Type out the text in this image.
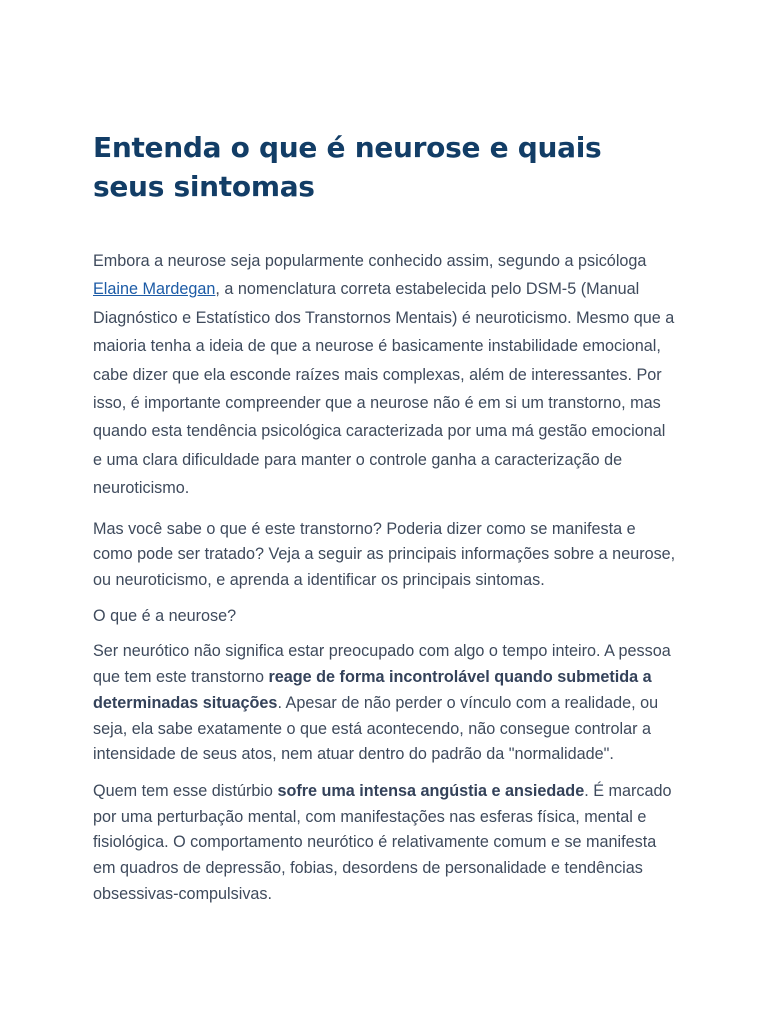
Entenda o que é neurose e quais seus sintomas

Embora a neurose seja popularmente conhecido assim, segundo a psicóloga Elaine Mardegan, a nomenclatura correta estabelecida pelo DSM-5 (Manual Diagnóstico e Estatístico dos Transtornos Mentais) é neuroticismo. Mesmo que a maioria tenha a ideia de que a neurose é basicamente instabilidade emocional, cabe dizer que ela esconde raízes mais complexas, além de interessantes. Por isso, é importante compreender que a neurose não é em si um transtorno, mas quando esta tendência psicológica caracterizada por uma má gestão emocional e uma clara dificuldade para manter o controle ganha a caracterização de neuroticismo.

Mas você sabe o que é este transtorno? Poderia dizer como se manifesta e como pode ser tratado? Veja a seguir as principais informações sobre a neurose, ou neuroticismo, e aprenda a identificar os principais sintomas.

O que é a neurose?

Ser neurótico não significa estar preocupado com algo o tempo inteiro. A pessoa que tem este transtorno reage de forma incontrolável quando submetida a determinadas situações. Apesar de não perder o vínculo com a realidade, ou seja, ela sabe exatamente o que está acontecendo, não consegue controlar a intensidade de seus atos, nem atuar dentro do padrão da "normalidade".

Quem tem esse distúrbio sofre uma intensa angústia e ansiedade. É marcado por uma perturbação mental, com manifestações nas esferas física, mental e fisiológica. O comportamento neurótico é relativamente comum e se manifesta em quadros de depressão, fobias, desordens de personalidade e tendências obsessivas-compulsivas.
